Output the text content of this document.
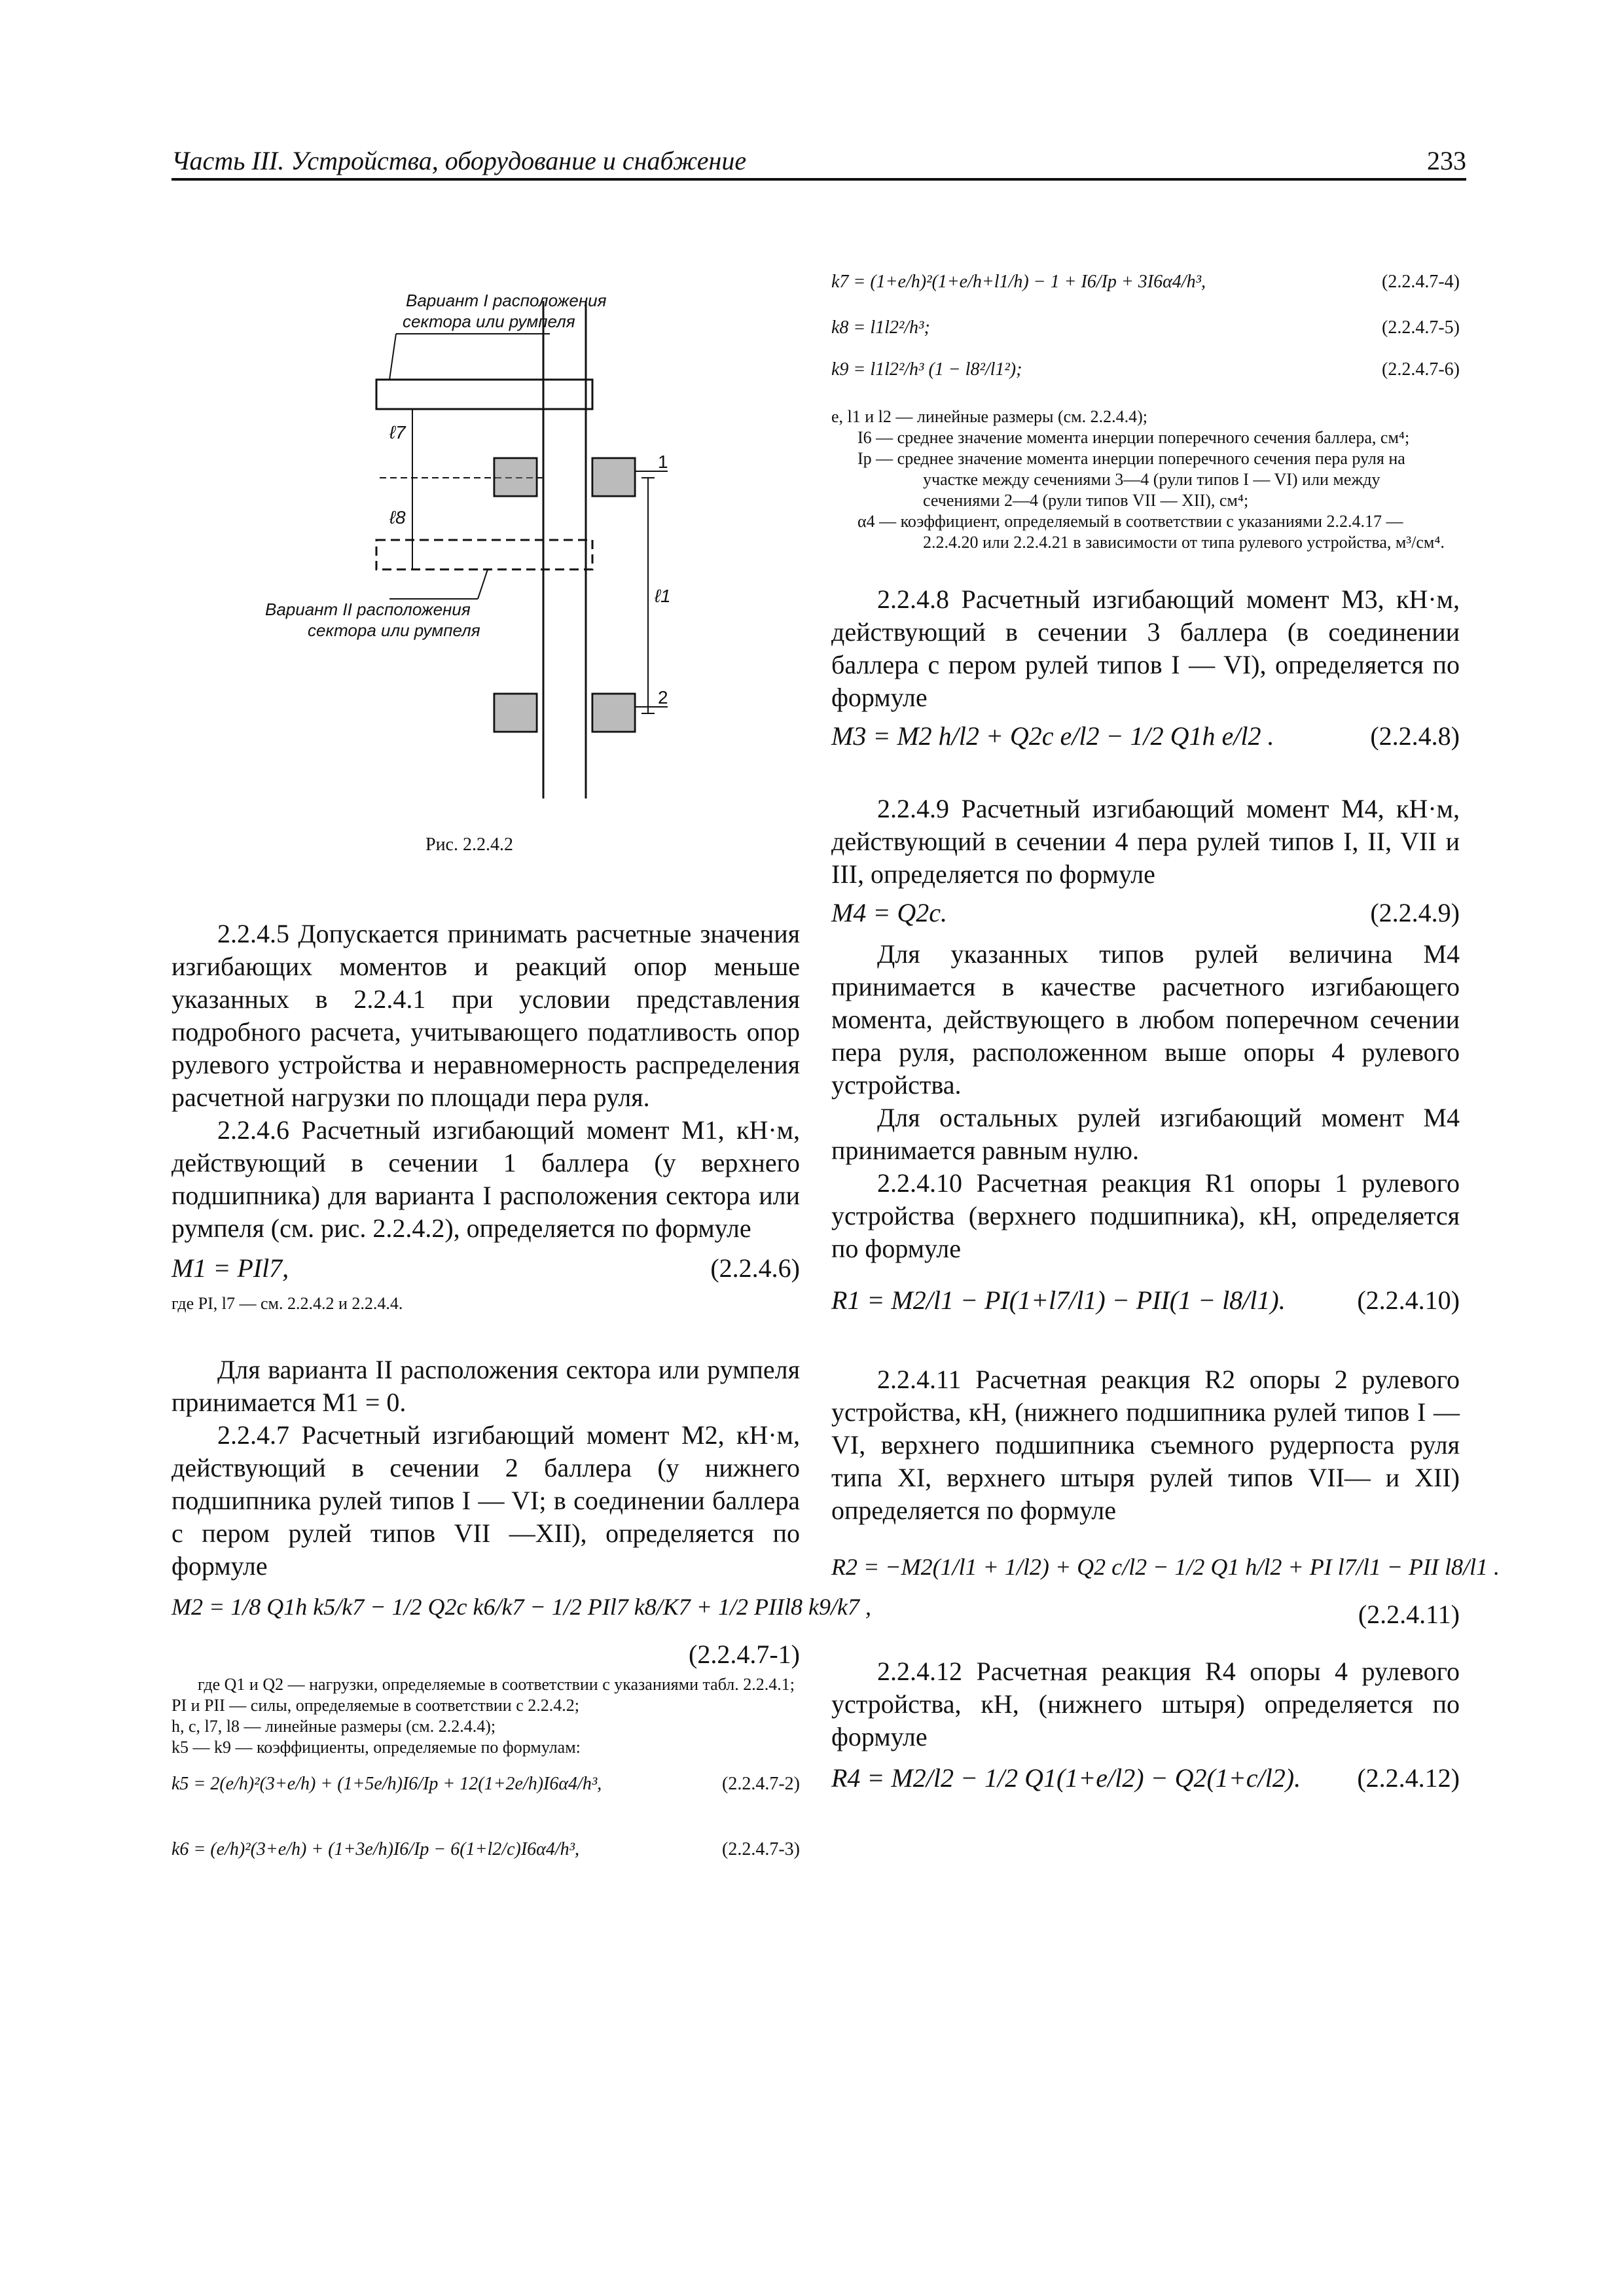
Часть III. Устройства, оборудование и снабжение	233
Вариант I расположения
сектора или румпеля
Вариант II расположения
сектора или румпеля
ℓ7
ℓ8
ℓ1
1
2
Рис. 2.2.4.2

2.2.4.5 Допускается принимать расчетные значения изгибающих моментов и реакций опор меньше указанных в 2.2.4.1 при условии представления подробного расчета, учитывающего податливость опор рулевого устройства и неравномерность распределения расчетной нагрузки по площади пера руля.

2.2.4.6 Расчетный изгибающий момент M1, кН·м, действующий в сечении 1 баллера (у верхнего подшипника) для варианта I расположения сектора или румпеля (см. рис. 2.2.4.2), определяется по формуле

M1 = PIl7,	(2.2.4.6)

где PI, l7 — см. 2.2.4.2 и 2.2.4.4.

Для варианта II расположения сектора или румпеля принимается M1 = 0.

2.2.4.7 Расчетный изгибающий момент M2, кН·м, действующий в сечении 2 баллера (у нижнего подшипника рулей типов I — VI; в соединении баллера с пером рулей типов VII —XII), определяется по формуле

M2 = 1/8 Q1h k5/k7 − 1/2 Q2c k6/k7 − 1/2 PIl7 k8/K7 + 1/2 PIIl8 k9/k7 ,
(2.2.4.7-1)

где Q1 и Q2 — нагрузки, определяемые в соответствии с указаниями табл. 2.2.4.1;

PI и PII — силы, определяемые в соответствии с 2.2.4.2;

h, c, l7, l8 — линейные размеры (см. 2.2.4.4);

k5 — k9 — коэффициенты, определяемые по формулам:

k5 = 2(e/h)²(3+e/h) + (1+5e/h)I6/Ip + 12(1+2e/h)I6α4/h³,	(2.2.4.7-2)
k6 = (e/h)²(3+e/h) + (1+3e/h)I6/Ip − 6(1+l2/c)I6α4/h³,	(2.2.4.7-3)
k7 = (1+e/h)²(1+e/h+l1/h) − 1 + I6/Ip + 3I6α4/h³,	(2.2.4.7-4)
k8 = l1l2²/h³;	(2.2.4.7-5)
k9 = l1l2²/h³ (1 − l8²/l1²);	(2.2.4.7-6)

e, l1 и l2 — линейные размеры (см. 2.2.4.4);

I6 — среднее значение момента инерции поперечного сечения баллера, см⁴;

Ip — среднее значение момента инерции поперечного сечения пера руля на участке между сечениями 3—4 (рули типов I — VI) или между сечениями 2—4 (рули типов VII — XII), см⁴;

α4 — коэффициент, определяемый в соответствии с указаниями 2.2.4.17 — 2.2.4.20 или 2.2.4.21 в зависимости от типа рулевого устройства, м³/см⁴.

2.2.4.8 Расчетный изгибающий момент M3, кН·м, действующий в сечении 3 баллера (в соединении баллера с пером рулей типов I — VI), определяется по формуле

M3 = M2 h/l2 + Q2c e/l2 − 1/2 Q1h e/l2 .	(2.2.4.8)

2.2.4.9 Расчетный изгибающий момент M4, кН·м, действующий в сечении 4 пера рулей типов I, II, VII и III, определяется по формуле

M4 = Q2c.	(2.2.4.9)

Для указанных типов рулей величина M4 принимается в качестве расчетного изгибающего момента, действующего в любом поперечном сечении пера руля, расположенном выше опоры 4 рулевого устройства.

Для остальных рулей изгибающий момент M4 принимается равным нулю.

2.2.4.10 Расчетная реакция R1 опоры 1 рулевого устройства (верхнего подшипника), кН, определяется по формуле

R1 = M2/l1 − PI(1+l7/l1) − PII(1 − l8/l1).	(2.2.4.10)

2.2.4.11 Расчетная реакция R2 опоры 2 рулевого устройства, кН, (нижнего подшипника рулей типов I — VI, верхнего подшипника съемного рудерпоста руля типа XI, верхнего штыря рулей типов VII— и XII) определяется по формуле

R2 = −M2(1/l1 + 1/l2) + Q2 c/l2 − 1/2 Q1 h/l2 + PI l7/l1 − PII l8/l1 .
(2.2.4.11)

2.2.4.12 Расчетная реакция R4 опоры 4 рулевого устройства, кН, (нижнего штыря) определяется по формуле

R4 = M2/l2 − 1/2 Q1(1+e/l2) − Q2(1+c/l2). (2.2.4.12)
